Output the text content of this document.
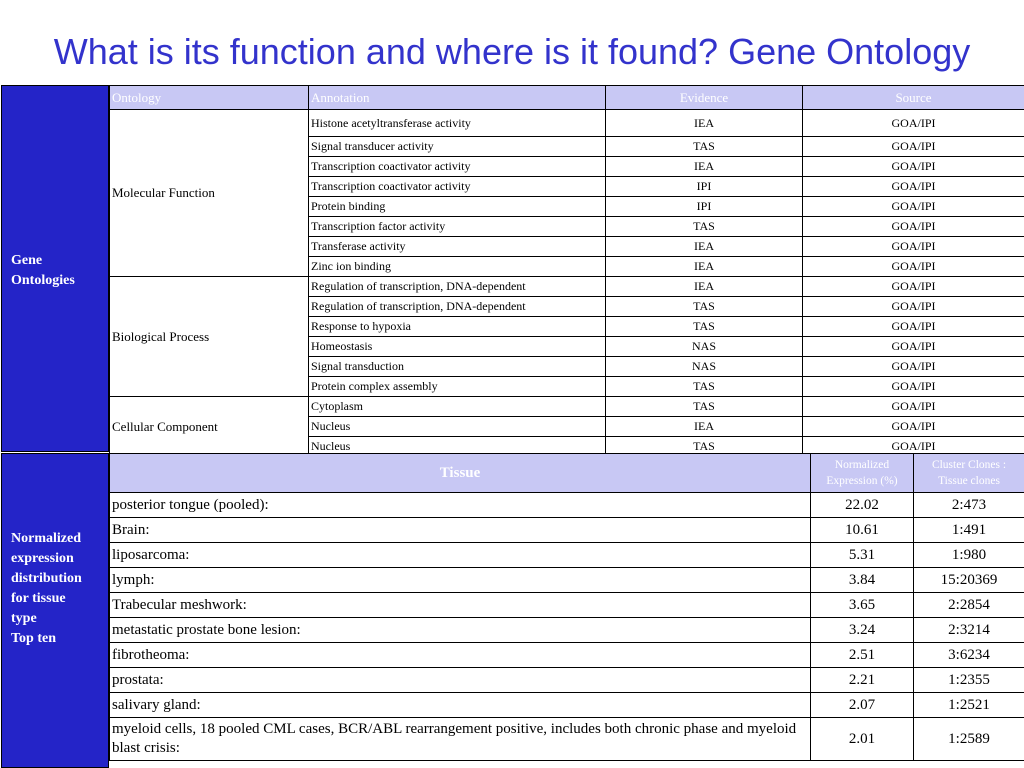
What is its function and where is it found? Gene Ontology
Gene Ontologies
Normalized
expression
distribution
for tissue
type
Top ten
Ontology	Annotation	Evidence	Source
Molecular Function	Histone acetyltransferase activity	IEA	GOA/IPI
	Signal transducer activity	TAS	GOA/IPI
	Transcription coactivator activity	IEA	GOA/IPI
	Transcription coactivator activity	IPI	GOA/IPI
	Protein binding	IPI	GOA/IPI
	Transcription factor activity	TAS	GOA/IPI
	Transferase activity	IEA	GOA/IPI
	Zinc ion binding	IEA	GOA/IPI
Biological Process	Regulation of transcription, DNA-dependent	IEA	GOA/IPI
	Regulation of transcription, DNA-dependent	TAS	GOA/IPI
	Response to hypoxia	TAS	GOA/IPI
	Homeostasis	NAS	GOA/IPI
	Signal transduction	NAS	GOA/IPI
	Protein complex assembly	TAS	GOA/IPI
Cellular Component	Cytoplasm	TAS	GOA/IPI
	Nucleus	IEA	GOA/IPI
	Nucleus	TAS	GOA/IPI
Tissue	Normalized Expression (%)	Cluster Clones : Tissue clones
posterior tongue (pooled):	22.02	2:473
Brain:	10.61	1:491
liposarcoma:	5.31	1:980
lymph:	3.84	15:20369
Trabecular meshwork:	3.65	2:2854
metastatic prostate bone lesion:	3.24	2:3214
fibrotheoma:	2.51	3:6234
prostata:	2.21	1:2355
salivary gland:	2.07	1:2521
myeloid cells, 18 pooled CML cases, BCR/ABL rearrangement positive, includes both chronic phase and myeloid blast crisis:	2.01	1:2589
